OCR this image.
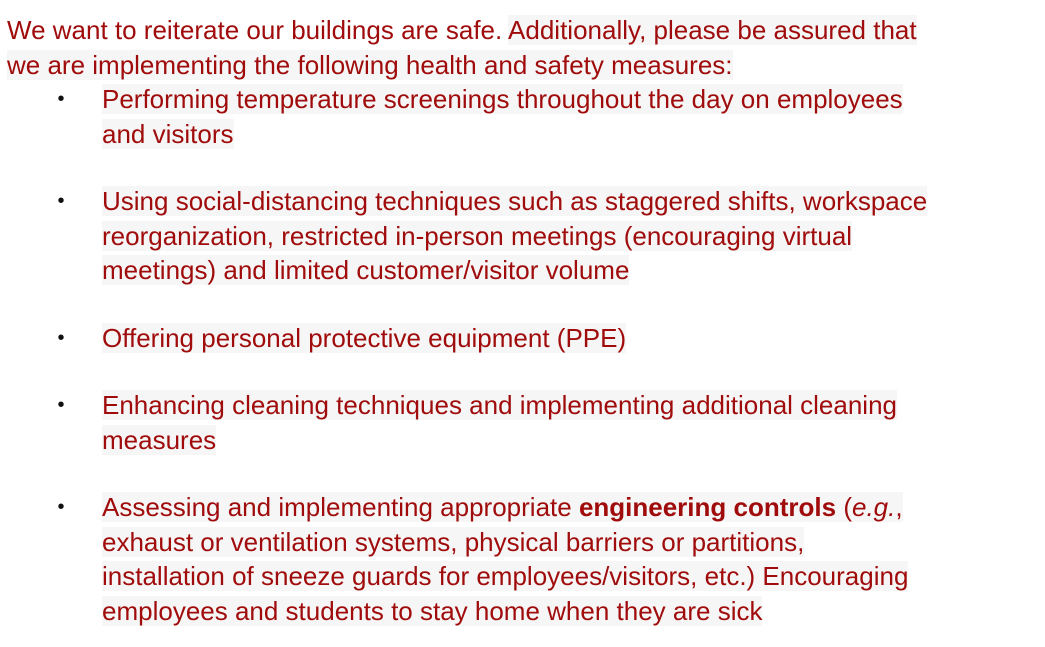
We want to reiterate our buildings are safe. Additionally, please be assured that
we are implementing the following health and safety measures:

• Performing temperature screenings throughout the day on employees
and visitors
• Using social-distancing techniques such as staggered shifts, workspace
reorganization, restricted in-person meetings (encouraging virtual
meetings) and limited customer/visitor volume
• Offering personal protective equipment (PPE)
• Enhancing cleaning techniques and implementing additional cleaning
measures
• Assessing and implementing appropriate engineering controls (e.g.,
exhaust or ventilation systems, physical barriers or partitions,
installation of sneeze guards for employees/visitors, etc.) Encouraging
employees and students to stay home when they are sick
